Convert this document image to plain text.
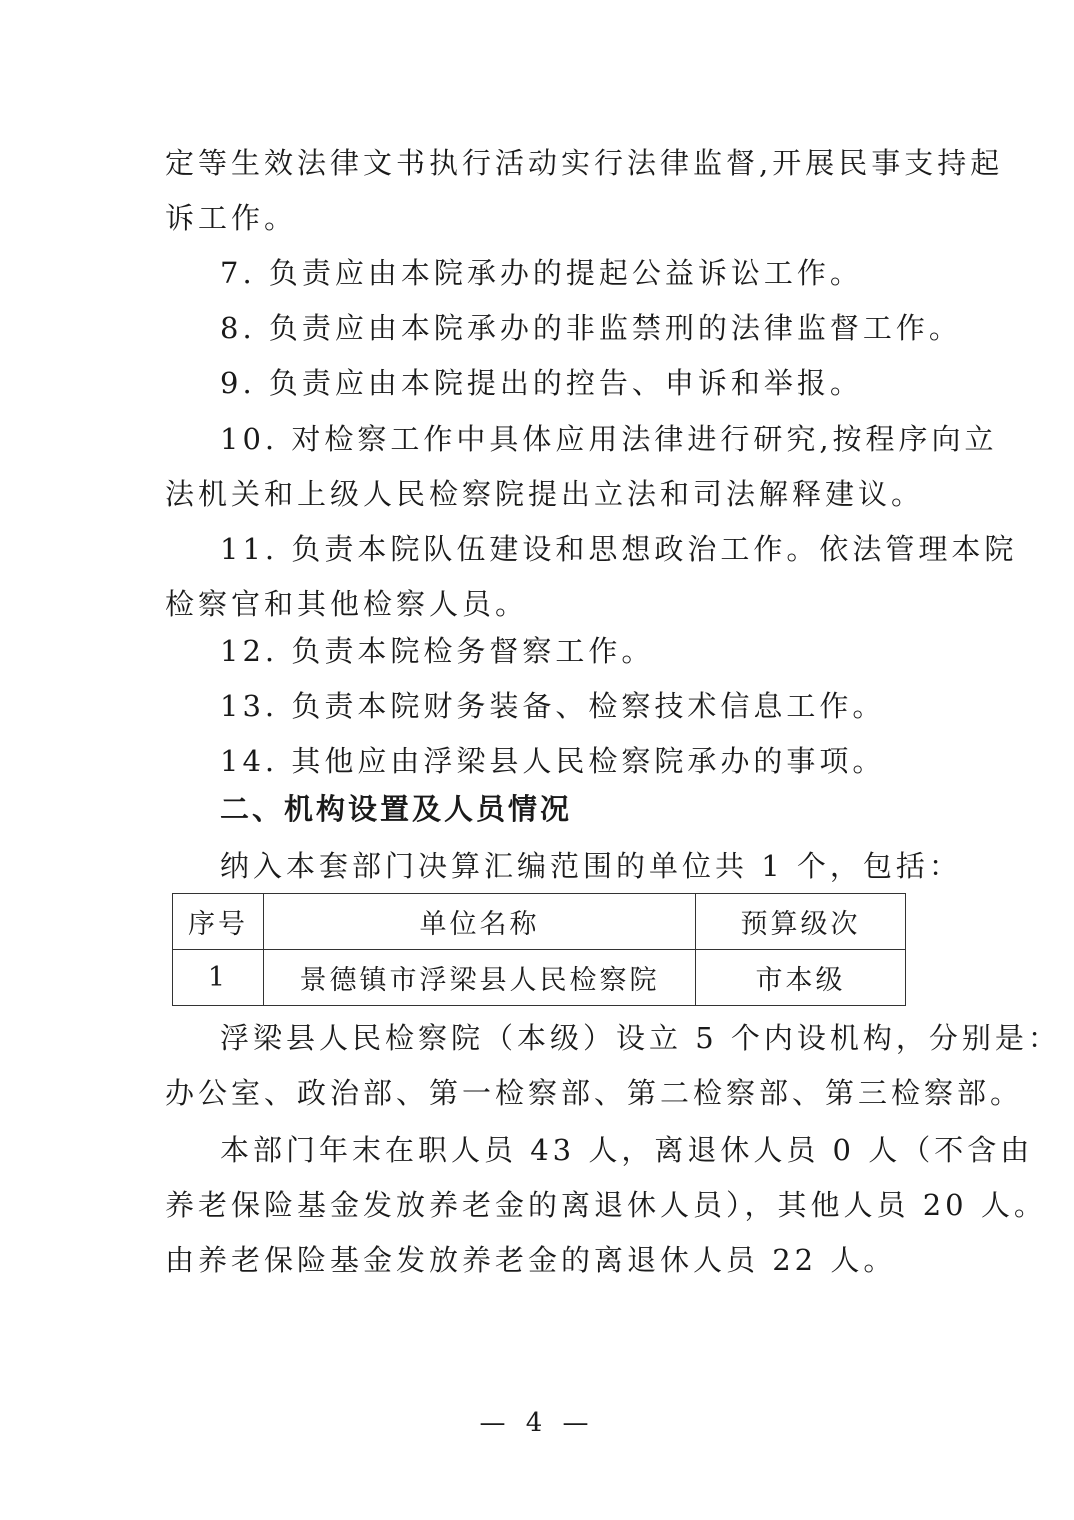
定等生效法律文书执行活动实行法律监督,开展民事支持起
诉工作。
7. 负责应由本院承办的提起公益诉讼工作。
8. 负责应由本院承办的非监禁刑的法律监督工作。
9. 负责应由本院提出的控告、申诉和举报。
10. 对检察工作中具体应用法律进行研究,按程序向立
法机关和上级人民检察院提出立法和司法解释建议。
11. 负责本院队伍建设和思想政治工作。依法管理本院
检察官和其他检察人员。
12. 负责本院检务督察工作。
13. 负责本院财务装备、检察技术信息工作。
14. 其他应由浮梁县人民检察院承办的事项。
二、机构设置及人员情况
纳入本套部门决算汇编范围的单位共 1 个，包括：
序号	单位名称	预算级次
1	景德镇市浮梁县人民检察院	市本级
浮梁县人民检察院（本级）设立 5 个内设机构，分别是：
办公室、政治部、第一检察部、第二检察部、第三检察部。
本部门年末在职人员 43 人，离退休人员 0 人（不含由
养老保险基金发放养老金的离退休人员），其他人员 20 人。
由养老保险基金发放养老金的离退休人员 22 人。
— 4 —
